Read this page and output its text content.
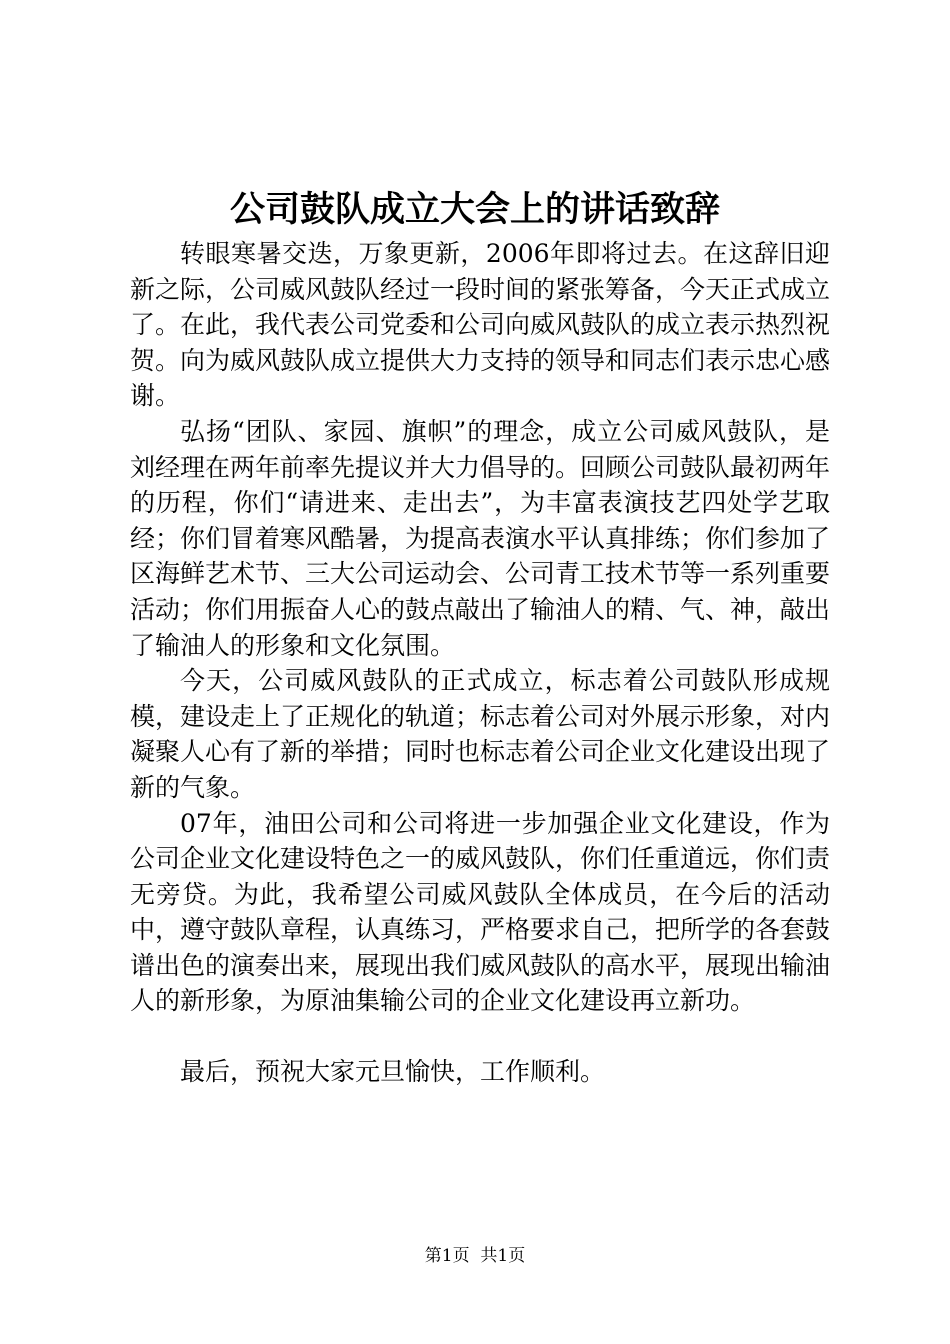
公司鼓队成立大会上的讲话致辞

转眼寒暑交迭，万象更新，2006年即将过去。在这辞旧迎新之际，公司威风鼓队经过一段时间的紧张筹备，今天正式成立了。在此，我代表公司党委和公司向威风鼓队的成立表示热烈祝贺。向为威风鼓队成立提供大力支持的领导和同志们表示忠心感谢。

弘扬“团队、家园、旗帜”的理念，成立公司威风鼓队，是刘经理在两年前率先提议并大力倡导的。回顾公司鼓队最初两年的历程，你们“请进来、走出去”，为丰富表演技艺四处学艺取经；你们冒着寒风酷暑，为提高表演水平认真排练；你们参加了区海鲜艺术节、三大公司运动会、公司青工技术节等一系列重要活动；你们用振奋人心的鼓点敲出了输油人的精、气、神，敲出了输油人的形象和文化氛围。

今天，公司威风鼓队的正式成立，标志着公司鼓队形成规模，建设走上了正规化的轨道；标志着公司对外展示形象，对内凝聚人心有了新的举措；同时也标志着公司企业文化建设出现了新的气象。

07年，油田公司和公司将进一步加强企业文化建设，作为公司企业文化建设特色之一的威风鼓队，你们任重道远，你们责无旁贷。为此，我希望公司威风鼓队全体成员，在今后的活动中，遵守鼓队章程，认真练习，严格要求自己，把所学的各套鼓谱出色的演奏出来，展现出我们威风鼓队的高水平，展现出输油人的新形象，为原油集输公司的企业文化建设再立新功。

最后，预祝大家元旦愉快，工作顺利。

第1页  共1页
